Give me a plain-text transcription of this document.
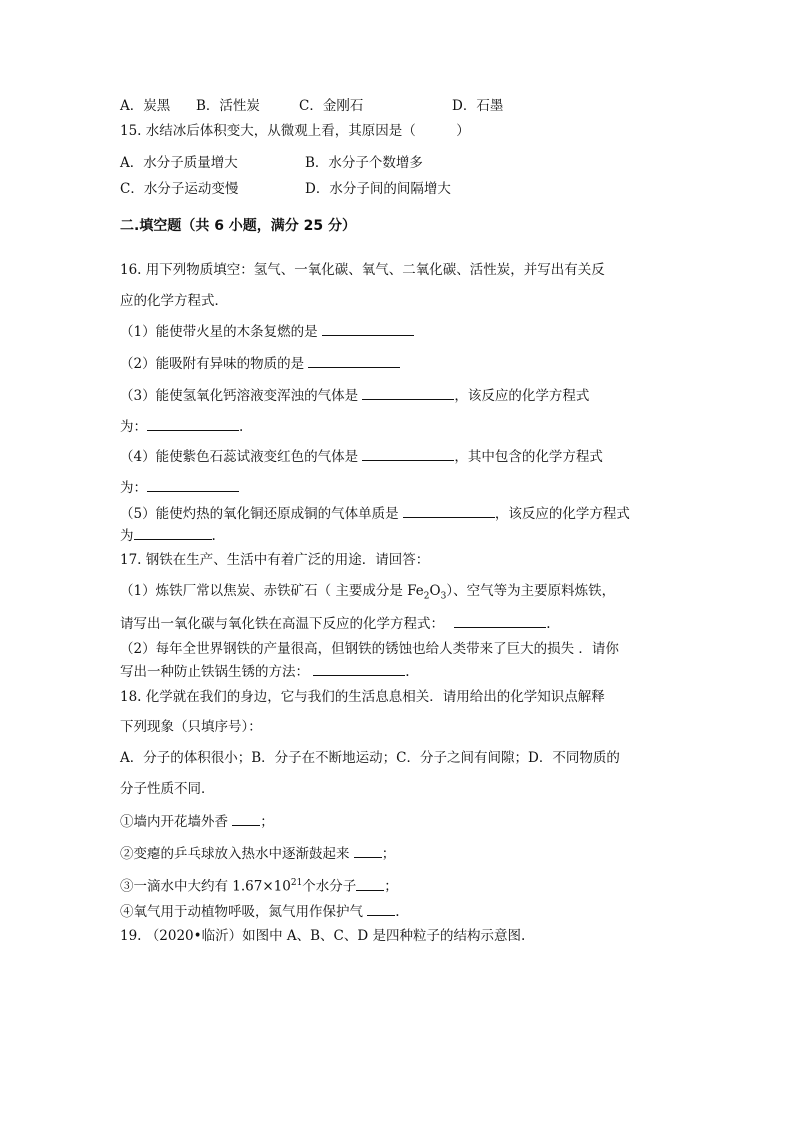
A．炭黑 B．活性炭	C．金刚石	D．石墨
15. 水结冰后体积变大，从微观上看，其原因是（　　　）
A．水分子质量增大	B．水分子个数增多
C．水分子运动变慢	D．水分子间的间隔增大
二.填空题（共 6 小题，满分 25 分）
16. 用下列物质填空：氢气、一氧化碳、氧气、二氧化碳、活性炭，并写出有关反
应的化学方程式．
（1）能使带火星的木条复燃的是
（2）能吸附有异味的物质的是
（3）能使氢氧化钙溶液变浑浊的气体是	，该反应的化学方程式
为：	.
（4）能使紫色石蕊试液变红色的气体是	，其中包含的化学方程式
为：
（5）能使灼热的氧化铜还原成铜的气体单质是	，该反应的化学方程式
为	.
17. 钢铁在生产、生活中有着广泛的用途．请回答：
（1）炼铁厂常以焦炭、赤铁矿石（ 主要成分是 $Fe_2O_3$）、空气等为主要原料炼铁，
请写出一氧化碳与氧化铁在高温下反应的化学方程式：	.
（2）每年全世界钢铁的产量很高，但钢铁的锈蚀也给人类带来了巨大的损失 ．请你
写出一种防止铁锅生锈的方法：	.
18. 化学就在我们的身边，它与我们的生活息息相关．请用给出的化学知识点解释
下列现象（只填序号）：
A．分子的体积很小；B．分子在不断地运动；C．分子之间有间隙；D．不同物质的
分子性质不同．
①墙内开花墙外香 ；
②变瘪的乒乓球放入热水中逐渐鼓起来 ；
③一滴水中大约有 $1.67\times 10^{21}$个水分子 ；
④氧气用于动植物呼吸，氮气用作保护气 .
19. （2020•临沂）如图中 A、B、C、D 是四种粒子的结构示意图.
